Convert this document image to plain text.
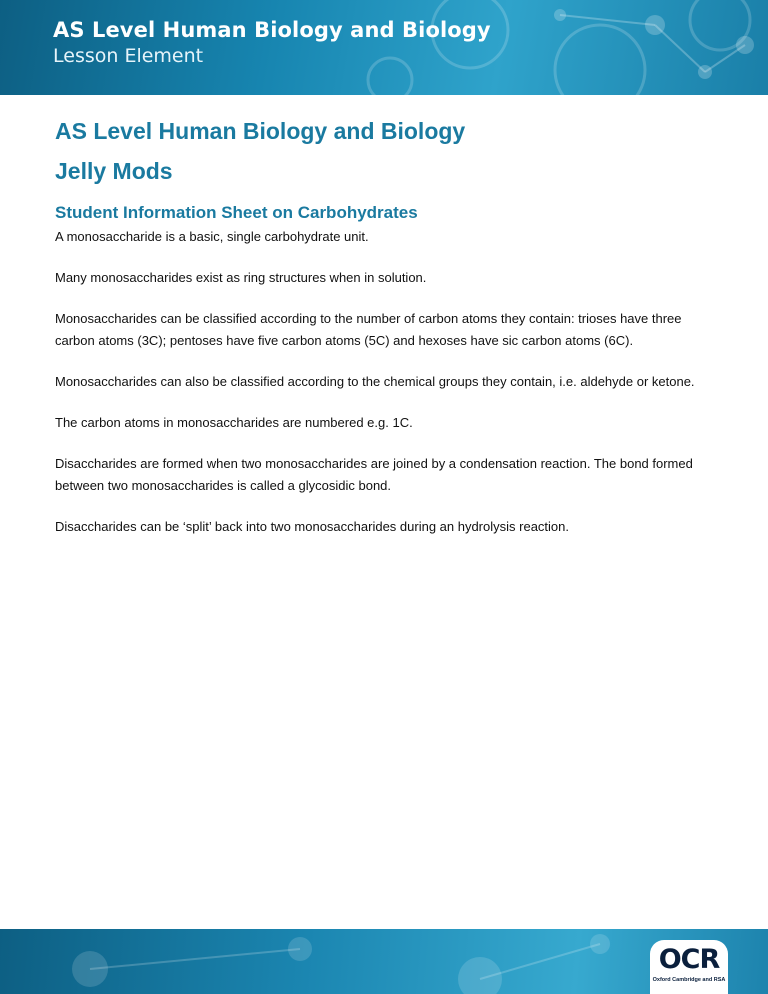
AS Level Human Biology and Biology
Lesson Element
AS Level Human Biology and Biology
Jelly Mods
Student Information Sheet on Carbohydrates

A monosaccharide is a basic, single carbohydrate unit.

Many monosaccharides exist as ring structures when in solution.

Monosaccharides can be classified according to the number of carbon atoms they contain: trioses have three carbon atoms (3C); pentoses have five carbon atoms (5C) and hexoses have sic carbon atoms (6C).

Monosaccharides can also be classified according to the chemical groups they contain, i.e. aldehyde or ketone.

The carbon atoms in monosaccharides are numbered e.g. 1C.

Disaccharides are formed when two monosaccharides are joined by a condensation reaction. The bond formed between two monosaccharides is called a glycosidic bond.

Disaccharides can be ‘split’ back into two monosaccharides during an hydrolysis reaction.

OCR
Oxford Cambridge and RSA
